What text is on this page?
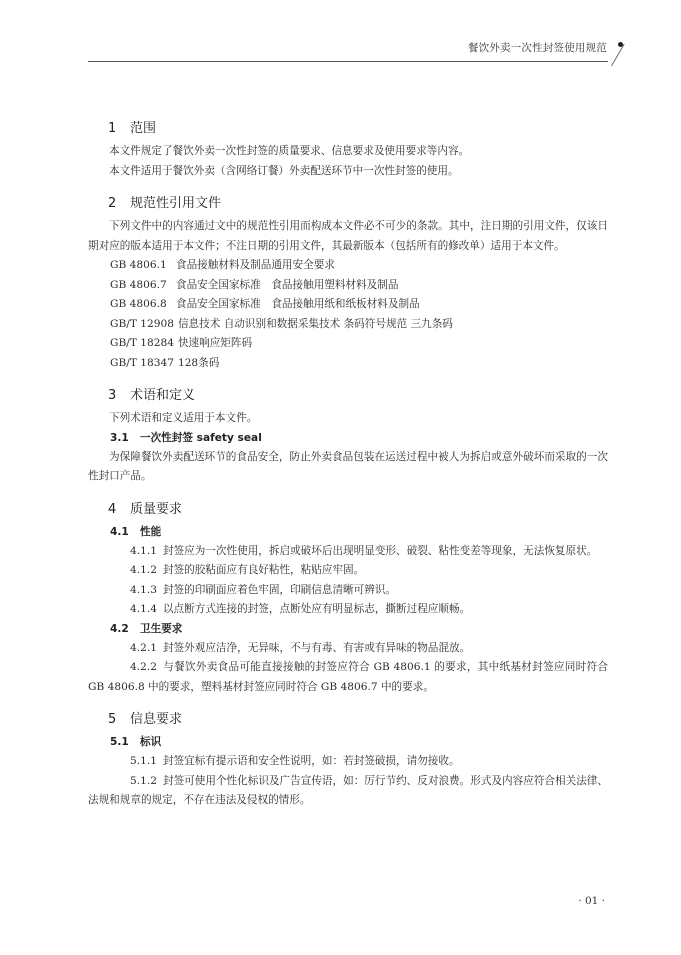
餐饮外卖一次性封签使用规范
1 范围
本文件规定了餐饮外卖一次性封签的质量要求、信息要求及使用要求等内容。
本文件适用于餐饮外卖（含网络订餐）外卖配送环节中一次性封签的使用。
2 规范性引用文件
下列文件中的内容通过文中的规范性引用而构成本文件必不可少的条款。其中，注日期的引用文件，仅该日期对应的版本适用于本文件；不注日期的引用文件，其最新版本（包括所有的修改单）适用于本文件。
GB 4806.1 食品接触材料及制品通用安全要求
GB 4806.7 食品安全国家标准　食品接触用塑料材料及制品
GB 4806.8 食品安全国家标准　食品接触用纸和纸板材料及制品
GB/T 12908 信息技术 自动识别和数据采集技术 条码符号规范 三九条码
GB/T 18284 快速响应矩阵码
GB/T 18347 128条码
3 术语和定义
下列术语和定义适用于本文件。
3.1 一次性封签 safety seal
为保障餐饮外卖配送环节的食品安全，防止外卖食品包装在运送过程中被人为拆启或意外破坏而采取的一次性封口产品。
4 质量要求
4.1 性能
4.1.1 封签应为一次性使用，拆启或破坏后出现明显变形、破裂、粘性变差等现象，无法恢复原状。
4.1.2 封签的胶粘面应有良好粘性，粘贴应牢固。
4.1.3 封签的印刷面应着色牢固，印刷信息清晰可辨识。
4.1.4 以点断方式连接的封签，点断处应有明显标志，撕断过程应顺畅。
4.2 卫生要求
4.2.1 封签外观应洁净，无异味，不与有毒、有害或有异味的物品混放。
4.2.2 与餐饮外卖食品可能直接接触的封签应符合 GB 4806.1 的要求，其中纸基材封签应同时符合 GB 4806.8 中的要求，塑料基材封签应同时符合 GB 4806.7 中的要求。
5 信息要求
5.1 标识
5.1.1 封签宜标有提示语和安全性说明，如：若封签破损，请勿接收。
5.1.2 封签可使用个性化标识及广告宣传语，如：厉行节约、反对浪费。形式及内容应符合相关法律、法规和规章的规定，不存在违法及侵权的情形。
· 01 ·
